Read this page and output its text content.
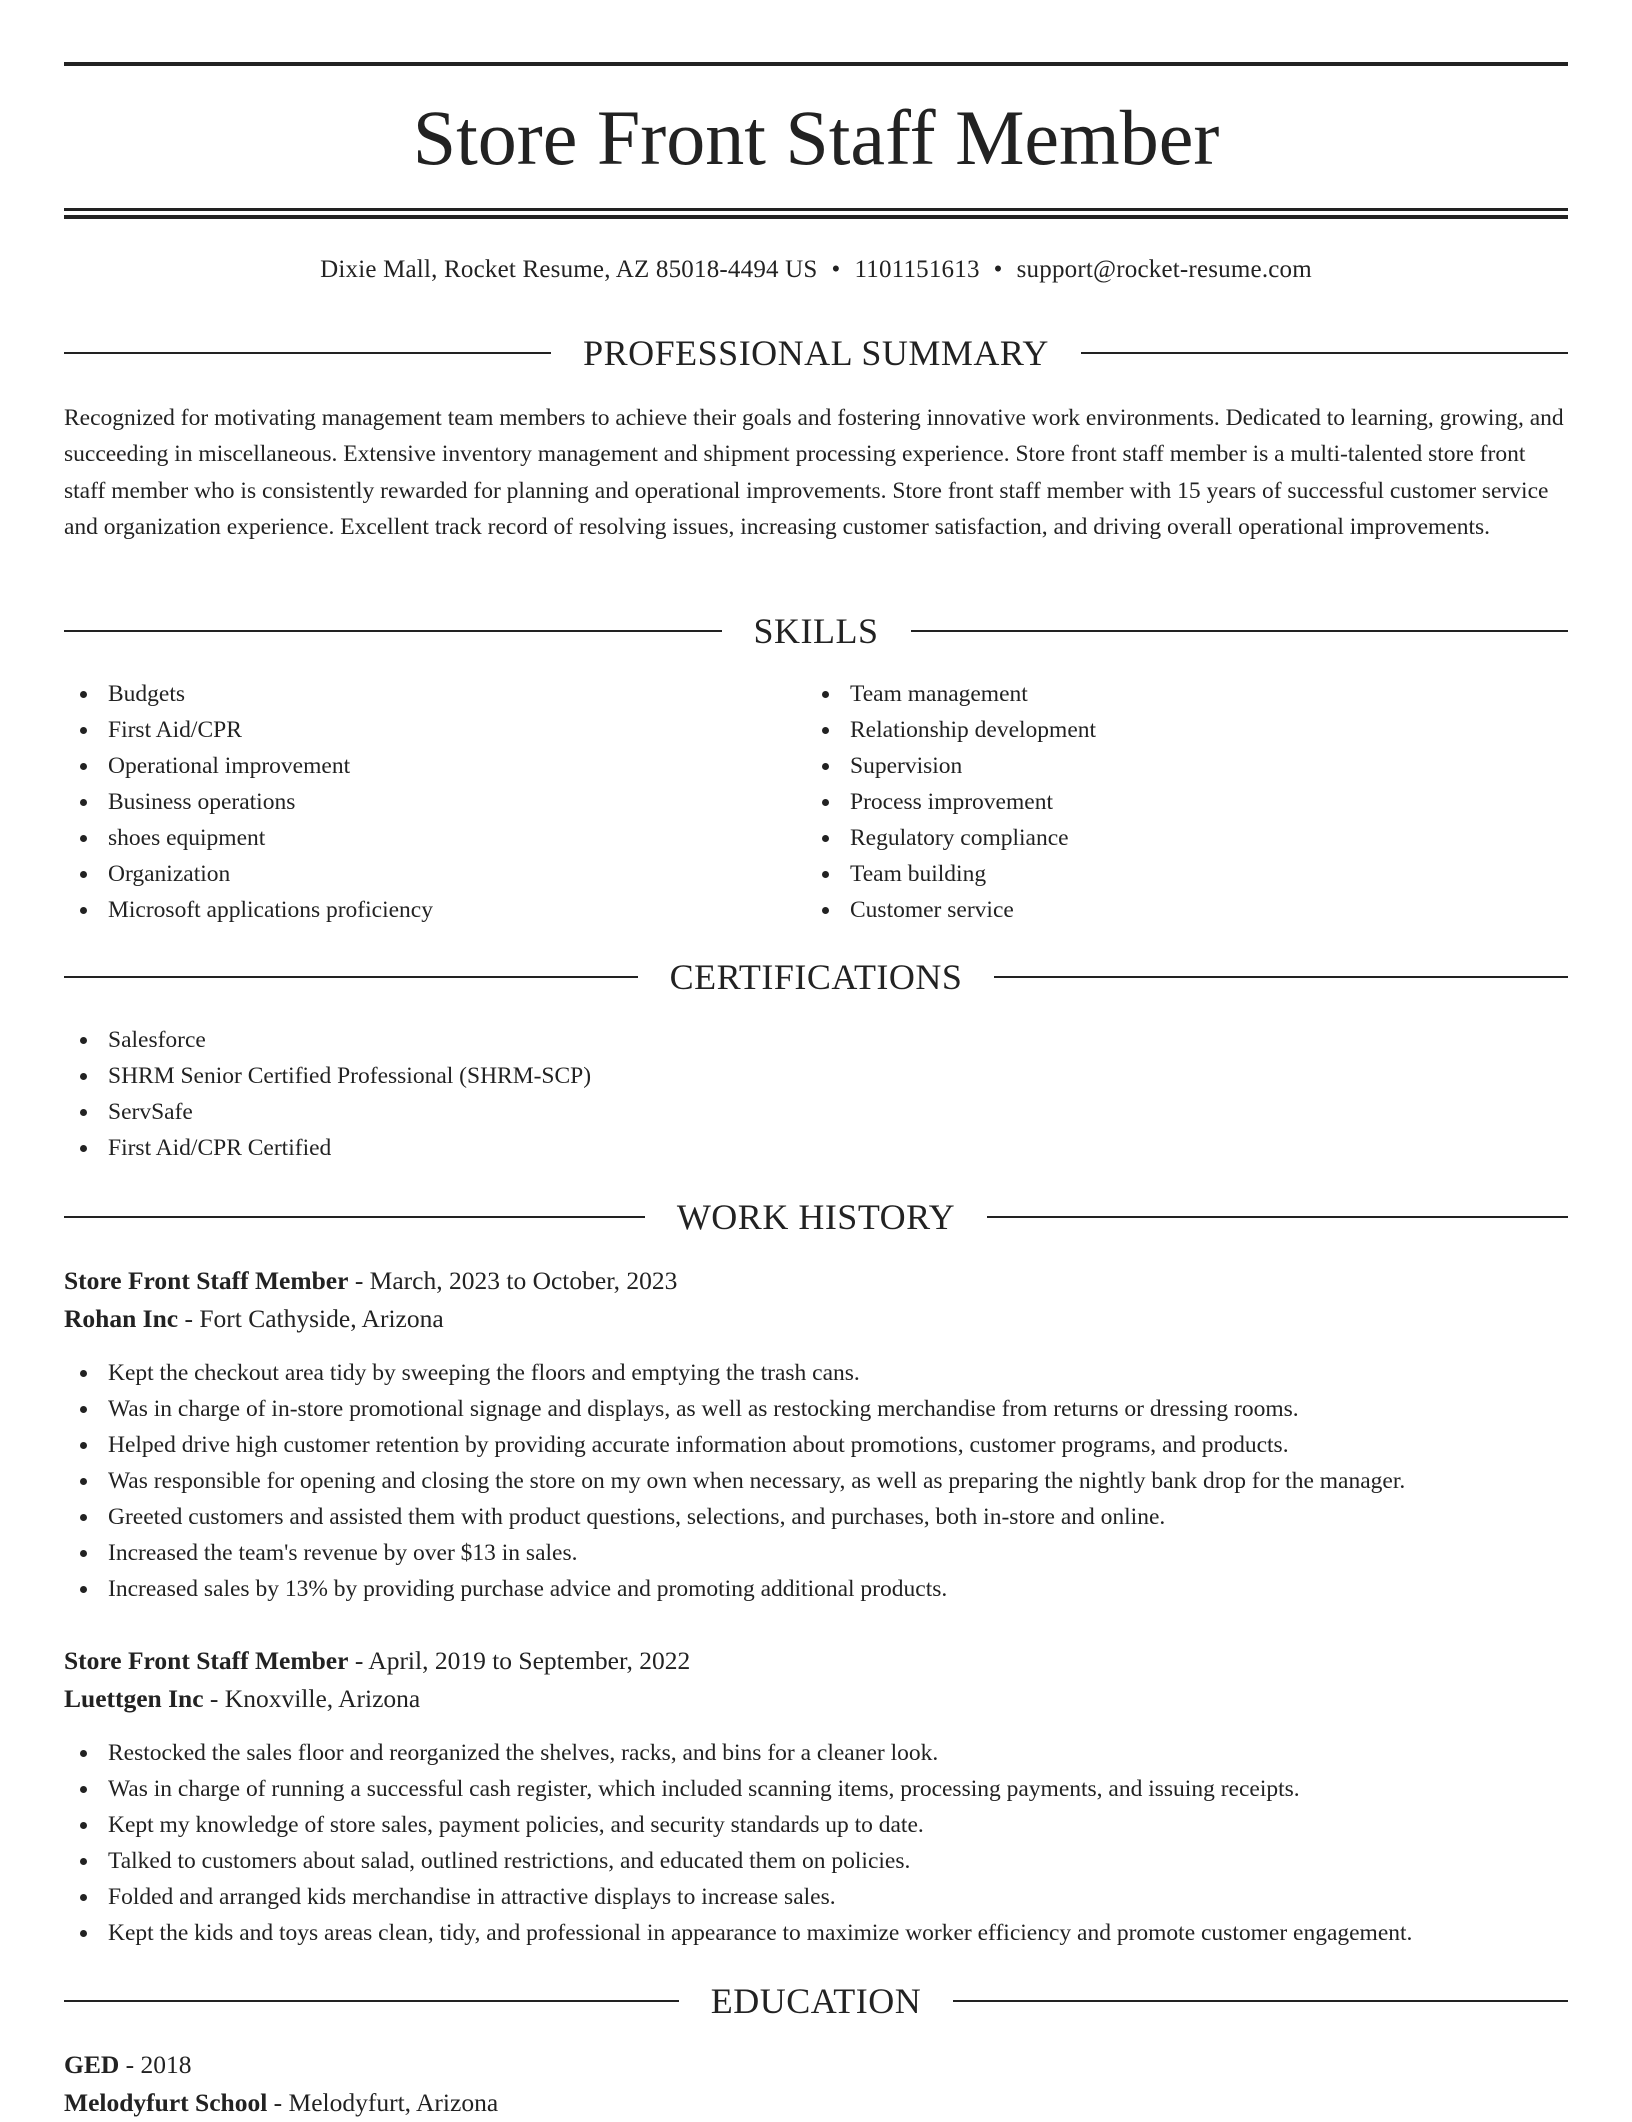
Store Front Staff Member
Dixie Mall, Rocket Resume, AZ 85018-4494 US • 1101151613 • support@rocket-resume.com
PROFESSIONAL SUMMARY

Recognized for motivating management team members to achieve their goals and fostering innovative work environments. Dedicated to learning, growing, and succeeding in miscellaneous. Extensive inventory management and shipment processing experience. Store front staff member is a multi-talented store front staff member who is consistently rewarded for planning and operational improvements. Store front staff member with 15 years of successful customer service and organization experience. Excellent track record of resolving issues, increasing customer satisfaction, and driving overall operational improvements.

SKILLS
Budgets
First Aid/CPR
Operational improvement
Business operations
shoes equipment
Organization
Microsoft applications proficiency
Team management
Relationship development
Supervision
Process improvement
Regulatory compliance
Team building
Customer service
CERTIFICATIONS
Salesforce
SHRM Senior Certified Professional (SHRM-SCP)
ServSafe
First Aid/CPR Certified
WORK HISTORY
Store Front Staff Member - March, 2023 to October, 2023
Rohan Inc - Fort Cathyside, Arizona
Kept the checkout area tidy by sweeping the floors and emptying the trash cans.
Was in charge of in-store promotional signage and displays, as well as restocking merchandise from returns or dressing rooms.
Helped drive high customer retention by providing accurate information about promotions, customer programs, and products.
Was responsible for opening and closing the store on my own when necessary, as well as preparing the nightly bank drop for the manager.
Greeted customers and assisted them with product questions, selections, and purchases, both in-store and online.
Increased the team's revenue by over $13 in sales.
Increased sales by 13% by providing purchase advice and promoting additional products.
Store Front Staff Member - April, 2019 to September, 2022
Luettgen Inc - Knoxville, Arizona
Restocked the sales floor and reorganized the shelves, racks, and bins for a cleaner look.
Was in charge of running a successful cash register, which included scanning items, processing payments, and issuing receipts.
Kept my knowledge of store sales, payment policies, and security standards up to date.
Talked to customers about salad, outlined restrictions, and educated them on policies.
Folded and arranged kids merchandise in attractive displays to increase sales.
Kept the kids and toys areas clean, tidy, and professional in appearance to maximize worker efficiency and promote customer engagement.
EDUCATION
GED - 2018
Melodyfurt School - Melodyfurt, Arizona
